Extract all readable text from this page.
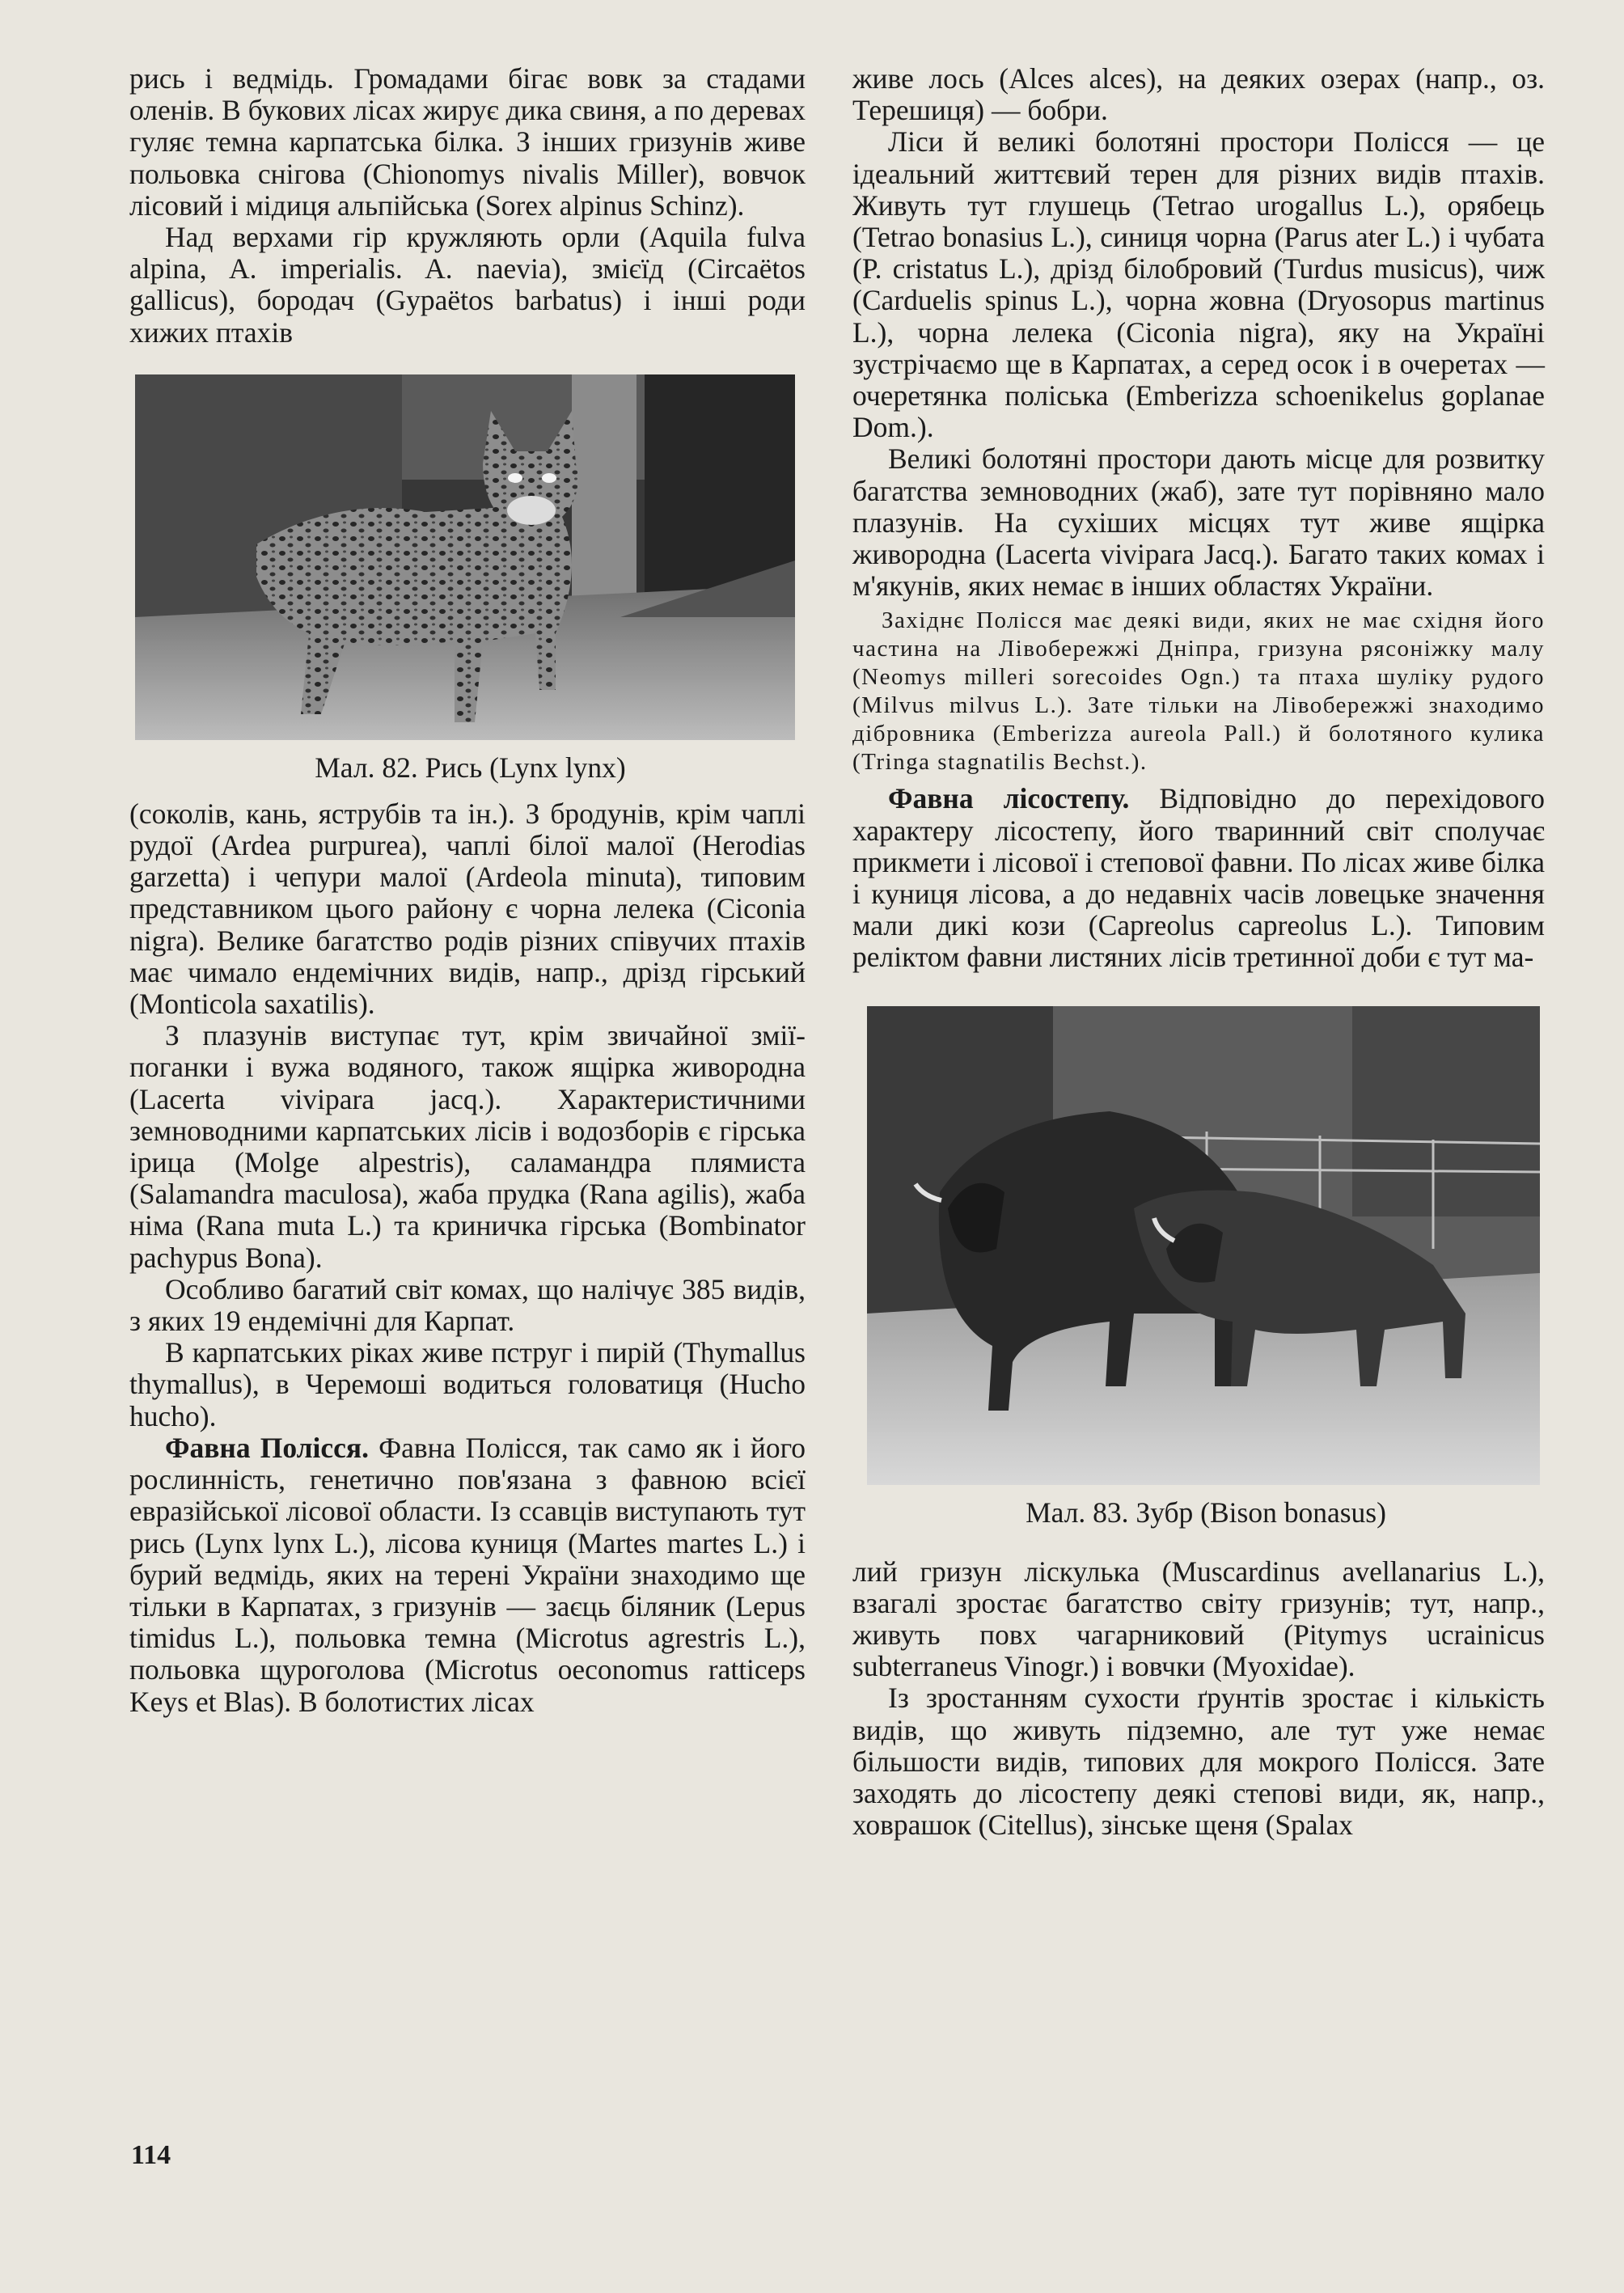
рись і ведмідь. Громадами бігає вовк за стадами оленів. В букових лісах жирує дика свиня, а по деревах гуляє темна карпатська білка. З інших гризунів живе польовка снігова (Chionomys nivalis Miller), вовчок лісовий і мідиця альпійська (Sorex alpinus Schinz).

Над верхами гір кружляють орли (Aquila fulva alpina, A. imperialis. A. naevia), змієїд (Circaëtos gallicus), бородач (Gypaëtos barbatus) і інші роди хижих птахів

Мал. 82. Рись (Lynx lynx)

(соколів, кань, яструбів та ін.). З бродунів, крім чаплі рудої (Ardea purpurea), чаплі білої малої (Herodias garzetta) і чепури малої (Ardeola minuta), типовим представником цього району є чорна лелека (Ciconia nigra). Велике багатство родів різних співучих птахів має чимало ендемічних видів, напр., дрізд гірський (Monticola saxatilis).

З плазунів виступає тут, крім звичайної змії-поганки і вужа водяного, також ящірка живородна (Lacerta vivipara jacq.). Характеристичними земноводними карпатських лісів і водозборів є гірська ірица (Molge alpestris), саламандра плямиста (Salamandra maculosa), жаба прудка (Rana agilis), жаба німа (Rana muta L.) та криничка гірська (Bombinator pachypus Bona).

Особливо багатий світ комах, що налічує 385 видів, з яких 19 ендемічні для Карпат.

В карпатських ріках живе пструг і пирій (Thymallus thymallus), в Черемоші водиться головатиця (Hucho hucho).

Фавна Полісся. Фавна Полісся, так само як і його рослинність, генетично пов'язана з фавною всієї евразійської лісової области. Із ссавців виступають тут рись (Lynx lynx L.), лісова куниця (Martes martes L.) і бурий ведмідь, яких на терені України знаходимо ще тільки в Карпатах, з гризунів — заєць біляник (Lepus timidus L.), польовка темна (Microtus agrestris L.), польовка щуроголова (Microtus oeconomus ratticeps Keys et Blas). В болотистих лісах

живе лось (Alces alces), на деяких озерах (напр., оз. Терешиця) — бобри.

Ліси й великі болотяні простори Полісся — це ідеальний життєвий терен для різних видів птахів. Живуть тут глушець (Tetrao urogallus L.), орябець (Tetrao bonasius L.), синиця чорна (Parus ater L.) і чубата (P. cristatus L.), дрізд білобровий (Turdus musicus), чиж (Carduelis spinus L.), чорна жовна (Dryosopus martinus L.), чорна лелека (Ciconia nigra), яку на Україні зустрічаємо ще в Карпатах, а серед осок і в очеретах — очеретянка поліська (Emberizza schoenikelus goplanae Dom.).

Великі болотяні простори дають місце для розвитку багатства земноводних (жаб), зате тут порівняно мало плазунів. На сухіших місцях тут живе ящірка живородна (Lacerta vivipara Jacq.). Багато таких комах і м'якунів, яких немає в інших областях України.

Західнє Полісся має деякі види, яких не має східня його частина на Лівобережжі Дніпра, гризуна рясоніжку малу (Neomys milleri sorecoides Ogn.) та птаха шуліку рудого (Milvus milvus L.). Зате тільки на Лівобережжі знаходимо дібровника (Emberizza aureola Pall.) й болотяного кулика (Tringa stagnatilis Bechst.).

Фавна лісостепу. Відповідно до перехідового характеру лісостепу, його тваринний світ сполучає прикмети і лісової і степової фавни. По лісах живе білка і куниця лісова, а до недавніх часів ловецьке значення мали дикі кози (Capreolus capreolus L.). Типовим реліктом фавни листяних лісів третинної доби є тут ма-

Мал. 83. Зубр (Bison bonasus)

лий гризун ліскулька (Muscardinus avellanarius L.), взагалі зростає багатство світу гризунів; тут, напр., живуть повх чагарниковий (Pitymys ucrainicus subterraneus Vinogr.) і вовчки (Myoxidae).

Із зростанням сухости ґрунтів зростає і кількість видів, що живуть підземно, але тут уже немає більшости видів, типових для мокрого Полісся. Зате заходять до лісостепу деякі степові види, як, напр., ховрашок (Citellus), зінське щеня (Spalax

114
